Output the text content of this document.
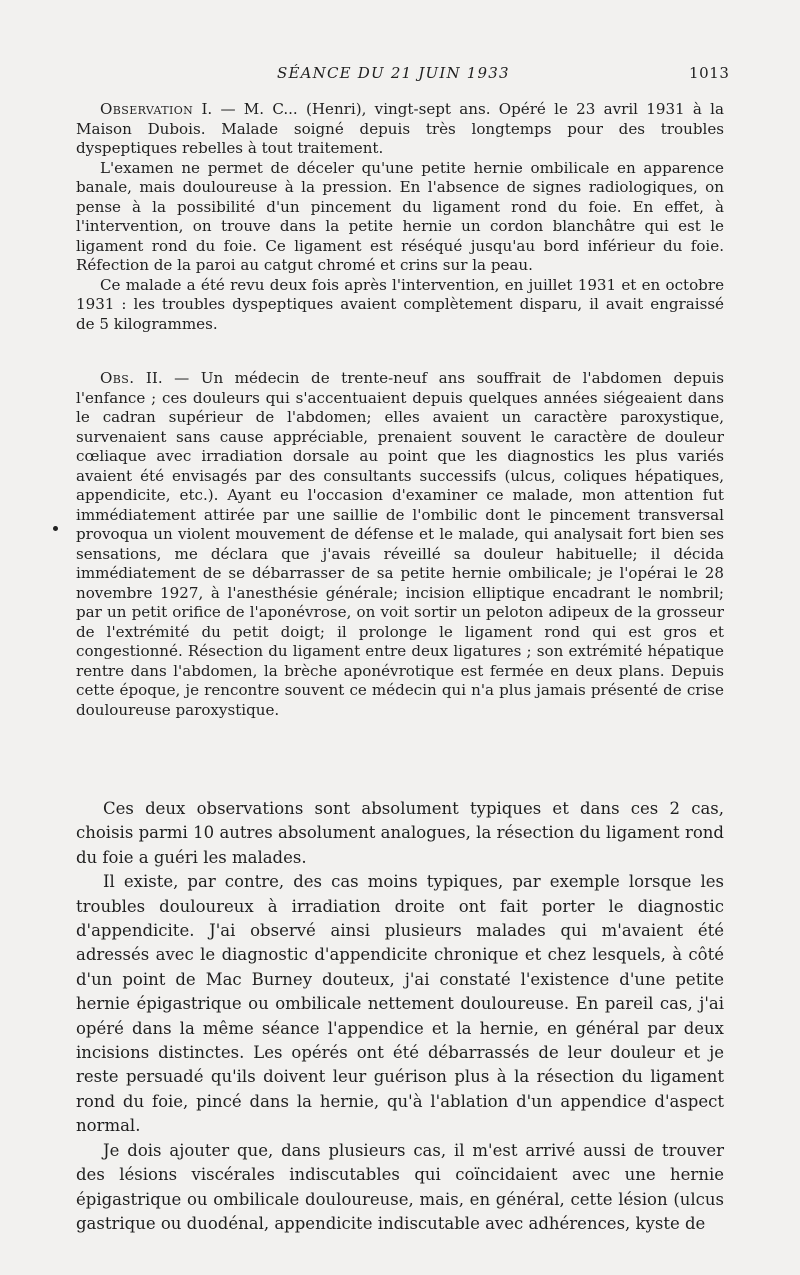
SÉANCE DU 21 JUIN 1933	1013

Observation I. — M. C... (Henri), vingt-sept ans. Opéré le 23 avril 1931 à la Maison Dubois. Malade soigné depuis très longtemps pour des troubles dyspeptiques rebelles à tout traitement.

L'examen ne permet de déceler qu'une petite hernie ombilicale en apparence banale, mais douloureuse à la pression. En l'absence de signes radiologiques, on pense à la possibilité d'un pincement du ligament rond du foie. En effet, à l'intervention, on trouve dans la petite hernie un cordon blanchâtre qui est le ligament rond du foie. Ce ligament est réséqué jusqu'au bord inférieur du foie. Réfection de la paroi au catgut chromé et crins sur la peau.

Ce malade a été revu deux fois après l'intervention, en juillet 1931 et en octobre 1931 : les troubles dyspeptiques avaient complètement disparu, il avait engraissé de 5 kilogrammes.

Obs. II. — Un médecin de trente-neuf ans souffrait de l'abdomen depuis l'enfance ; ces douleurs qui s'accentuaient depuis quelques années siégeaient dans le cadran supérieur de l'abdomen; elles avaient un caractère paroxystique, survenaient sans cause appréciable, prenaient souvent le caractère de douleur cœliaque avec irradiation dorsale au point que les diagnostics les plus variés avaient été envisagés par des consultants successifs (ulcus, coliques hépatiques, appendicite, etc.). Ayant eu l'occasion d'examiner ce malade, mon attention fut immédiatement attirée par une saillie de l'ombilic dont le pincement transversal provoqua un violent mouvement de défense et le malade, qui analysait fort bien ses sensations, me déclara que j'avais réveillé sa douleur habituelle; il décida immédiatement de se débarrasser de sa petite hernie ombilicale; je l'opérai le 28 novembre 1927, à l'anesthésie générale; incision elliptique encadrant le nombril; par un petit orifice de l'aponévrose, on voit sortir un peloton adipeux de la grosseur de l'extrémité du petit doigt; il prolonge le ligament rond qui est gros et congestionné. Résection du ligament entre deux ligatures ; son extrémité hépatique rentre dans l'abdomen, la brèche aponévrotique est fermée en deux plans. Depuis cette époque, je rencontre souvent ce médecin qui n'a plus jamais présenté de crise douloureuse paroxystique.

Ces deux observations sont absolument typiques et dans ces 2 cas, choisis parmi 10 autres absolument analogues, la résection du ligament rond du foie a guéri les malades.

Il existe, par contre, des cas moins typiques, par exemple lorsque les troubles douloureux à irradiation droite ont fait porter le diagnostic d'appendicite. J'ai observé ainsi plusieurs malades qui m'avaient été adressés avec le diagnostic d'appendicite chronique et chez lesquels, à côté d'un point de Mac Burney douteux, j'ai constaté l'existence d'une petite hernie épigastrique ou ombilicale nettement douloureuse. En pareil cas, j'ai opéré dans la même séance l'appendice et la hernie, en général par deux incisions distinctes. Les opérés ont été débarrassés de leur douleur et je reste persuadé qu'ils doivent leur guérison plus à la résection du ligament rond du foie, pincé dans la hernie, qu'à l'ablation d'un appendice d'aspect normal.

Je dois ajouter que, dans plusieurs cas, il m'est arrivé aussi de trouver des lésions viscérales indiscutables qui coïncidaient avec une hernie épigastrique ou ombilicale douloureuse, mais, en général, cette lésion (ulcus gastrique ou duodénal, appendicite indiscutable avec adhérences, kyste de
